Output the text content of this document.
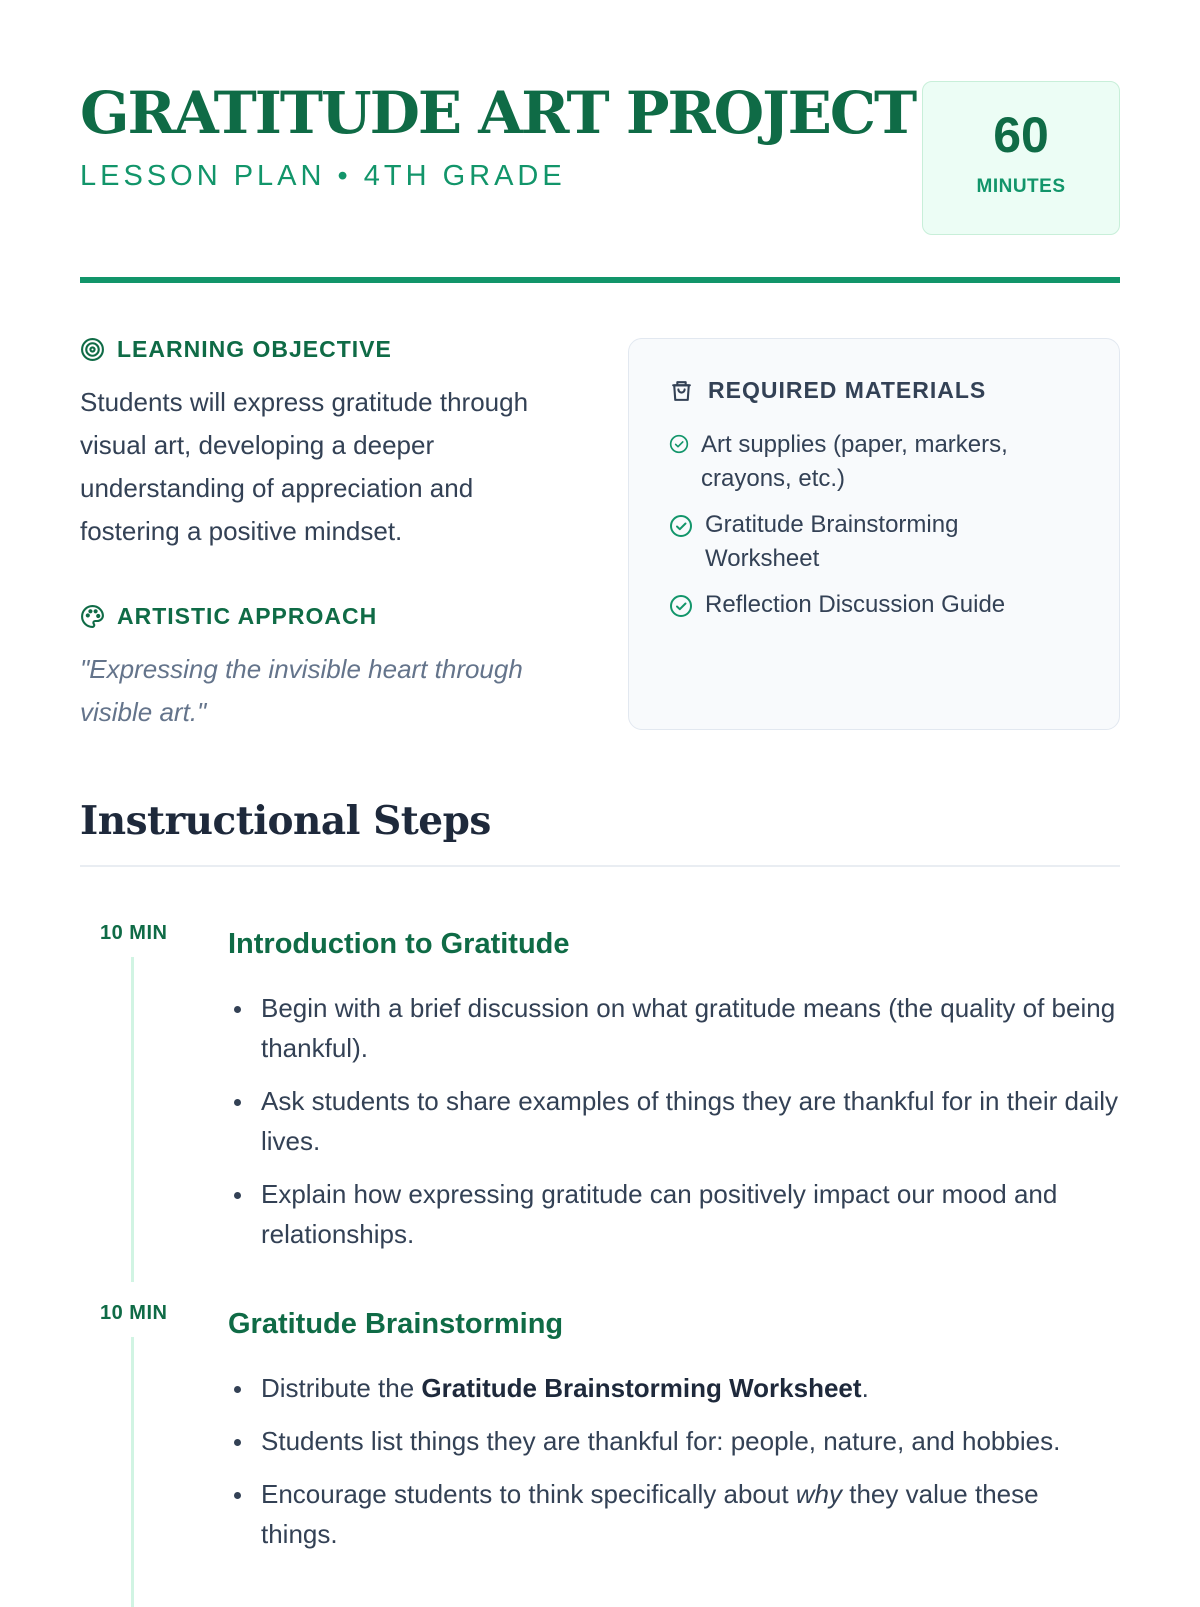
GRATITUDE ART PROJECT
LESSON PLAN • 4TH GRADE
60
MINUTES
LEARNING OBJECTIVE

Students will express gratitude through visual art, developing a deeper understanding of appreciation and fostering a positive mindset.

ARTISTIC APPROACH

"Expressing the invisible heart through visible art."

REQUIRED MATERIALS
Art supplies (paper, markers, crayons, etc.)
Gratitude Brainstorming Worksheet
Reflection Discussion Guide
Instructional Steps
10 MIN Introduction to Gratitude
Begin with a brief discussion on what gratitude means (the quality of being thankful).
Ask students to share examples of things they are thankful for in their daily lives.
Explain how expressing gratitude can positively impact our mood and relationships.
10 MIN Gratitude Brainstorming
Distribute the Gratitude Brainstorming Worksheet.
Students list things they are thankful for: people, nature, and hobbies.
Encourage students to think specifically about why they value these things.
